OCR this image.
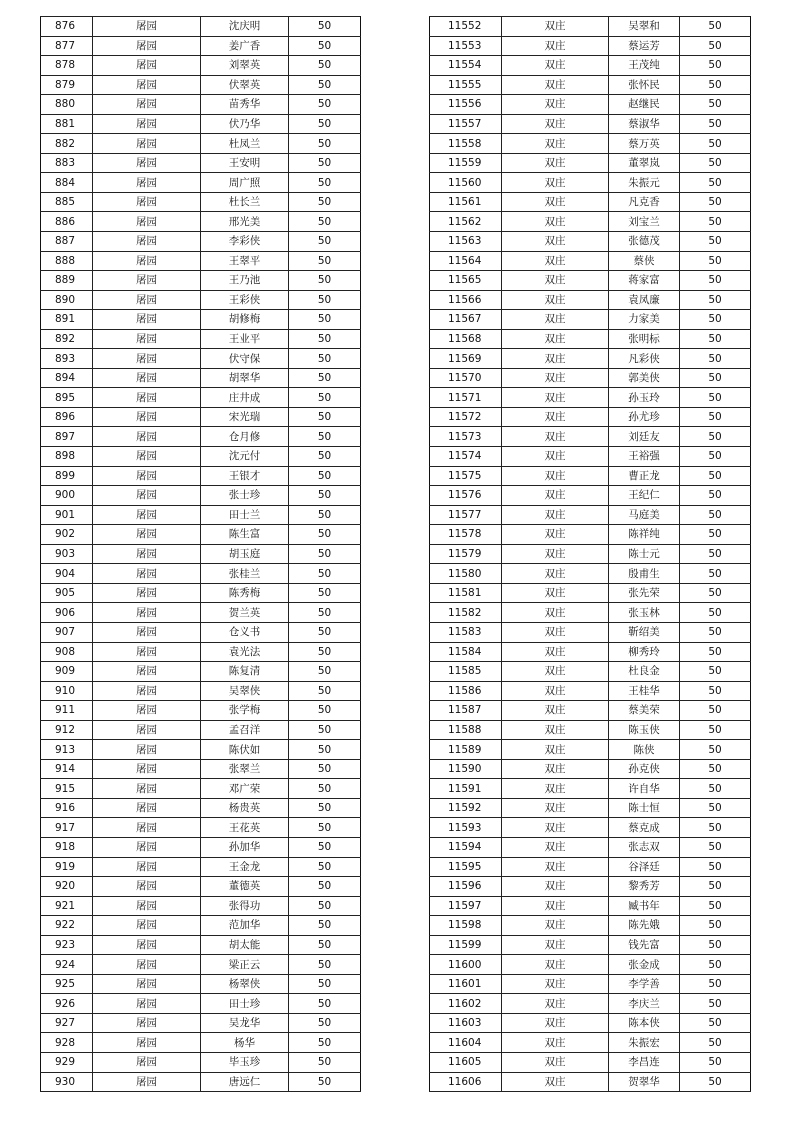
876	屠园	沈庆明	50
877	屠园	姜广香	50
878	屠园	刘翠英	50
879	屠园	伏翠英	50
880	屠园	苗秀华	50
881	屠园	伏乃华	50
882	屠园	杜凤兰	50
883	屠园	王安明	50
884	屠园	周广照	50
885	屠园	杜长兰	50
886	屠园	邢光美	50
887	屠园	李彩侠	50
888	屠园	王翠平	50
889	屠园	王乃池	50
890	屠园	王彩侠	50
891	屠园	胡修梅	50
892	屠园	王业平	50
893	屠园	伏守保	50
894	屠园	胡翠华	50
895	屠园	庄井成	50
896	屠园	宋光瑞	50
897	屠园	仓月修	50
898	屠园	沈元付	50
899	屠园	王银才	50
900	屠园	张士珍	50
901	屠园	田士兰	50
902	屠园	陈生富	50
903	屠园	胡玉庭	50
904	屠园	张桂兰	50
905	屠园	陈秀梅	50
906	屠园	贺兰英	50
907	屠园	仓义书	50
908	屠园	袁光法	50
909	屠园	陈复清	50
910	屠园	吴翠侠	50
911	屠园	张学梅	50
912	屠园	孟召洋	50
913	屠园	陈伏如	50
914	屠园	张翠兰	50
915	屠园	邓广荣	50
916	屠园	杨贵英	50
917	屠园	王花英	50
918	屠园	孙加华	50
919	屠园	王金龙	50
920	屠园	董德英	50
921	屠园	张得功	50
922	屠园	范加华	50
923	屠园	胡太能	50
924	屠园	梁正云	50
925	屠园	杨翠侠	50
926	屠园	田士珍	50
927	屠园	吴龙华	50
928	屠园	杨华	50
929	屠园	毕玉珍	50
930	屠园	唐远仁	50
11552	双庄	吴翠和	50
11553	双庄	蔡运芳	50
11554	双庄	王茂纯	50
11555	双庄	张怀民	50
11556	双庄	赵继民	50
11557	双庄	蔡淑华	50
11558	双庄	蔡万英	50
11559	双庄	董翠岚	50
11560	双庄	朱振元	50
11561	双庄	凡克香	50
11562	双庄	刘宝兰	50
11563	双庄	张德茂	50
11564	双庄	蔡侠	50
11565	双庄	蒋家富	50
11566	双庄	袁凤廉	50
11567	双庄	力家美	50
11568	双庄	张明标	50
11569	双庄	凡彩侠	50
11570	双庄	郭美侠	50
11571	双庄	孙玉玲	50
11572	双庄	孙尤珍	50
11573	双庄	刘廷友	50
11574	双庄	王裕强	50
11575	双庄	曹正龙	50
11576	双庄	王纪仁	50
11577	双庄	马庭美	50
11578	双庄	陈祥纯	50
11579	双庄	陈士元	50
11580	双庄	殷甫生	50
11581	双庄	张先荣	50
11582	双庄	张玉林	50
11583	双庄	靳绍美	50
11584	双庄	柳秀玲	50
11585	双庄	杜良金	50
11586	双庄	王桂华	50
11587	双庄	蔡美荣	50
11588	双庄	陈玉侠	50
11589	双庄	陈侠	50
11590	双庄	孙克侠	50
11591	双庄	许自华	50
11592	双庄	陈士恒	50
11593	双庄	蔡克成	50
11594	双庄	张志双	50
11595	双庄	谷泽廷	50
11596	双庄	黎秀芳	50
11597	双庄	臧书年	50
11598	双庄	陈先娥	50
11599	双庄	钱先富	50
11600	双庄	张金成	50
11601	双庄	李学善	50
11602	双庄	李庆兰	50
11603	双庄	陈本侠	50
11604	双庄	朱振宏	50
11605	双庄	李昌连	50
11606	双庄	贺翠华	50
